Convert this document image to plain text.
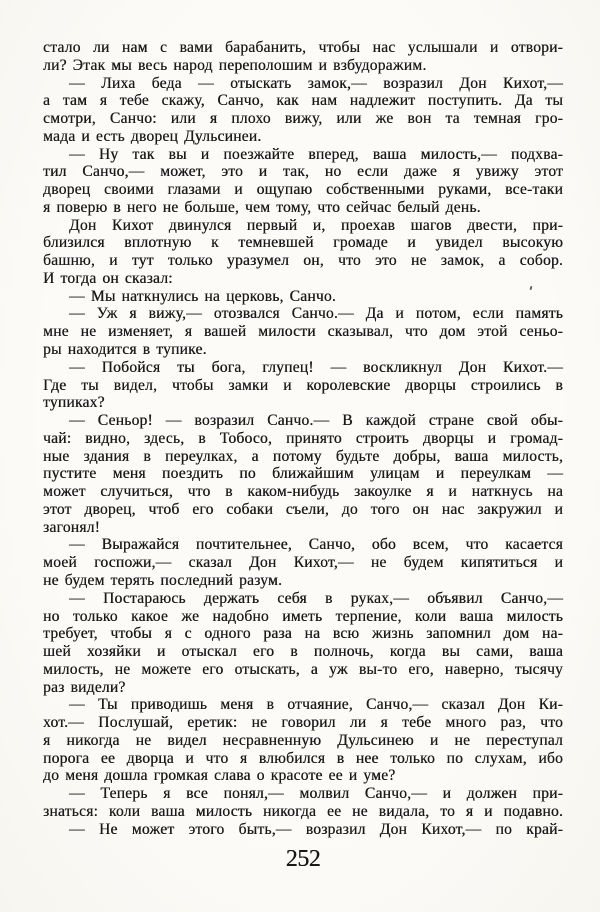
стало ли нам с вами барабанить, чтобы нас услышали и отвори-
ли? Этак мы весь народ переполошим и взбудоражим.
— Лиха беда — отыскать замок,— возразил Дон Кихот,—
а там я тебе скажу, Санчо, как нам надлежит поступить. Да ты
смотри, Санчо: или я плохо вижу, или же вон та темная гро-
мада и есть дворец Дульсинеи.
— Ну так вы и поезжайте вперед, ваша милость,— подхва-
тил Санчо,— может, это и так, но если даже я увижу этот
дворец своими глазами и ощупаю собственными руками, все-таки
я поверю в него не больше, чем тому, что сейчас белый день.
Дон Кихот двинулся первый и, проехав шагов двести, при-
близился вплотную к темневшей громаде и увидел высокую
башню, и тут только уразумел он, что это не замок, а собор.
И тогда он сказал:
— Мы наткнулись на церковь, Санчо.
— Уж я вижу,— отозвался Санчо.— Да и потом, если память
мне не изменяет, я вашей милости сказывал, что дом этой сеньо-
ры находится в тупике.
— Побойся ты бога, глупец! — воскликнул Дон Кихот.—
Где ты видел, чтобы замки и королевские дворцы строились в
тупиках?
— Сеньор! — возразил Санчо.— В каждой стране свой обы-
чай: видно, здесь, в Тобосо, принято строить дворцы и громад-
ные здания в переулках, а потому будьте добры, ваша милость,
пустите меня поездить по ближайшим улицам и переулкам —
может случиться, что в каком-нибудь закоулке я и наткнусь на
этот дворец, чтоб его собаки съели, до того он нас закружил и
загонял!
— Выражайся почтительнее, Санчо, обо всем, что касается
моей госпожи,— сказал Дон Кихот,— не будем кипятиться и
не будем терять последний разум.
— Постараюсь держать себя в руках,— объявил Санчо,—
но только какое же надобно иметь терпение, коли ваша милость
требует, чтобы я с одного раза на всю жизнь запомнил дом на-
шей хозяйки и отыскал его в полночь, когда вы сами, ваша
милость, не можете его отыскать, а уж вы-то его, наверно, тысячу
раз видели?
— Ты приводишь меня в отчаяние, Санчо,— сказал Дон Ки-
хот.— Послушай, еретик: не говорил ли я тебе много раз, что
я никогда не видел несравненную Дульсинею и не переступал
порога ее дворца и что я влюбился в нее только по слухам, ибо
до меня дошла громкая слава о красоте ее и уме?
— Теперь я все понял,— молвил Санчо,— и должен при-
знаться: коли ваша милость никогда ее не видала, то я и подавно.
— Не может этого быть,— возразил Дон Кихот,— по край-
252
